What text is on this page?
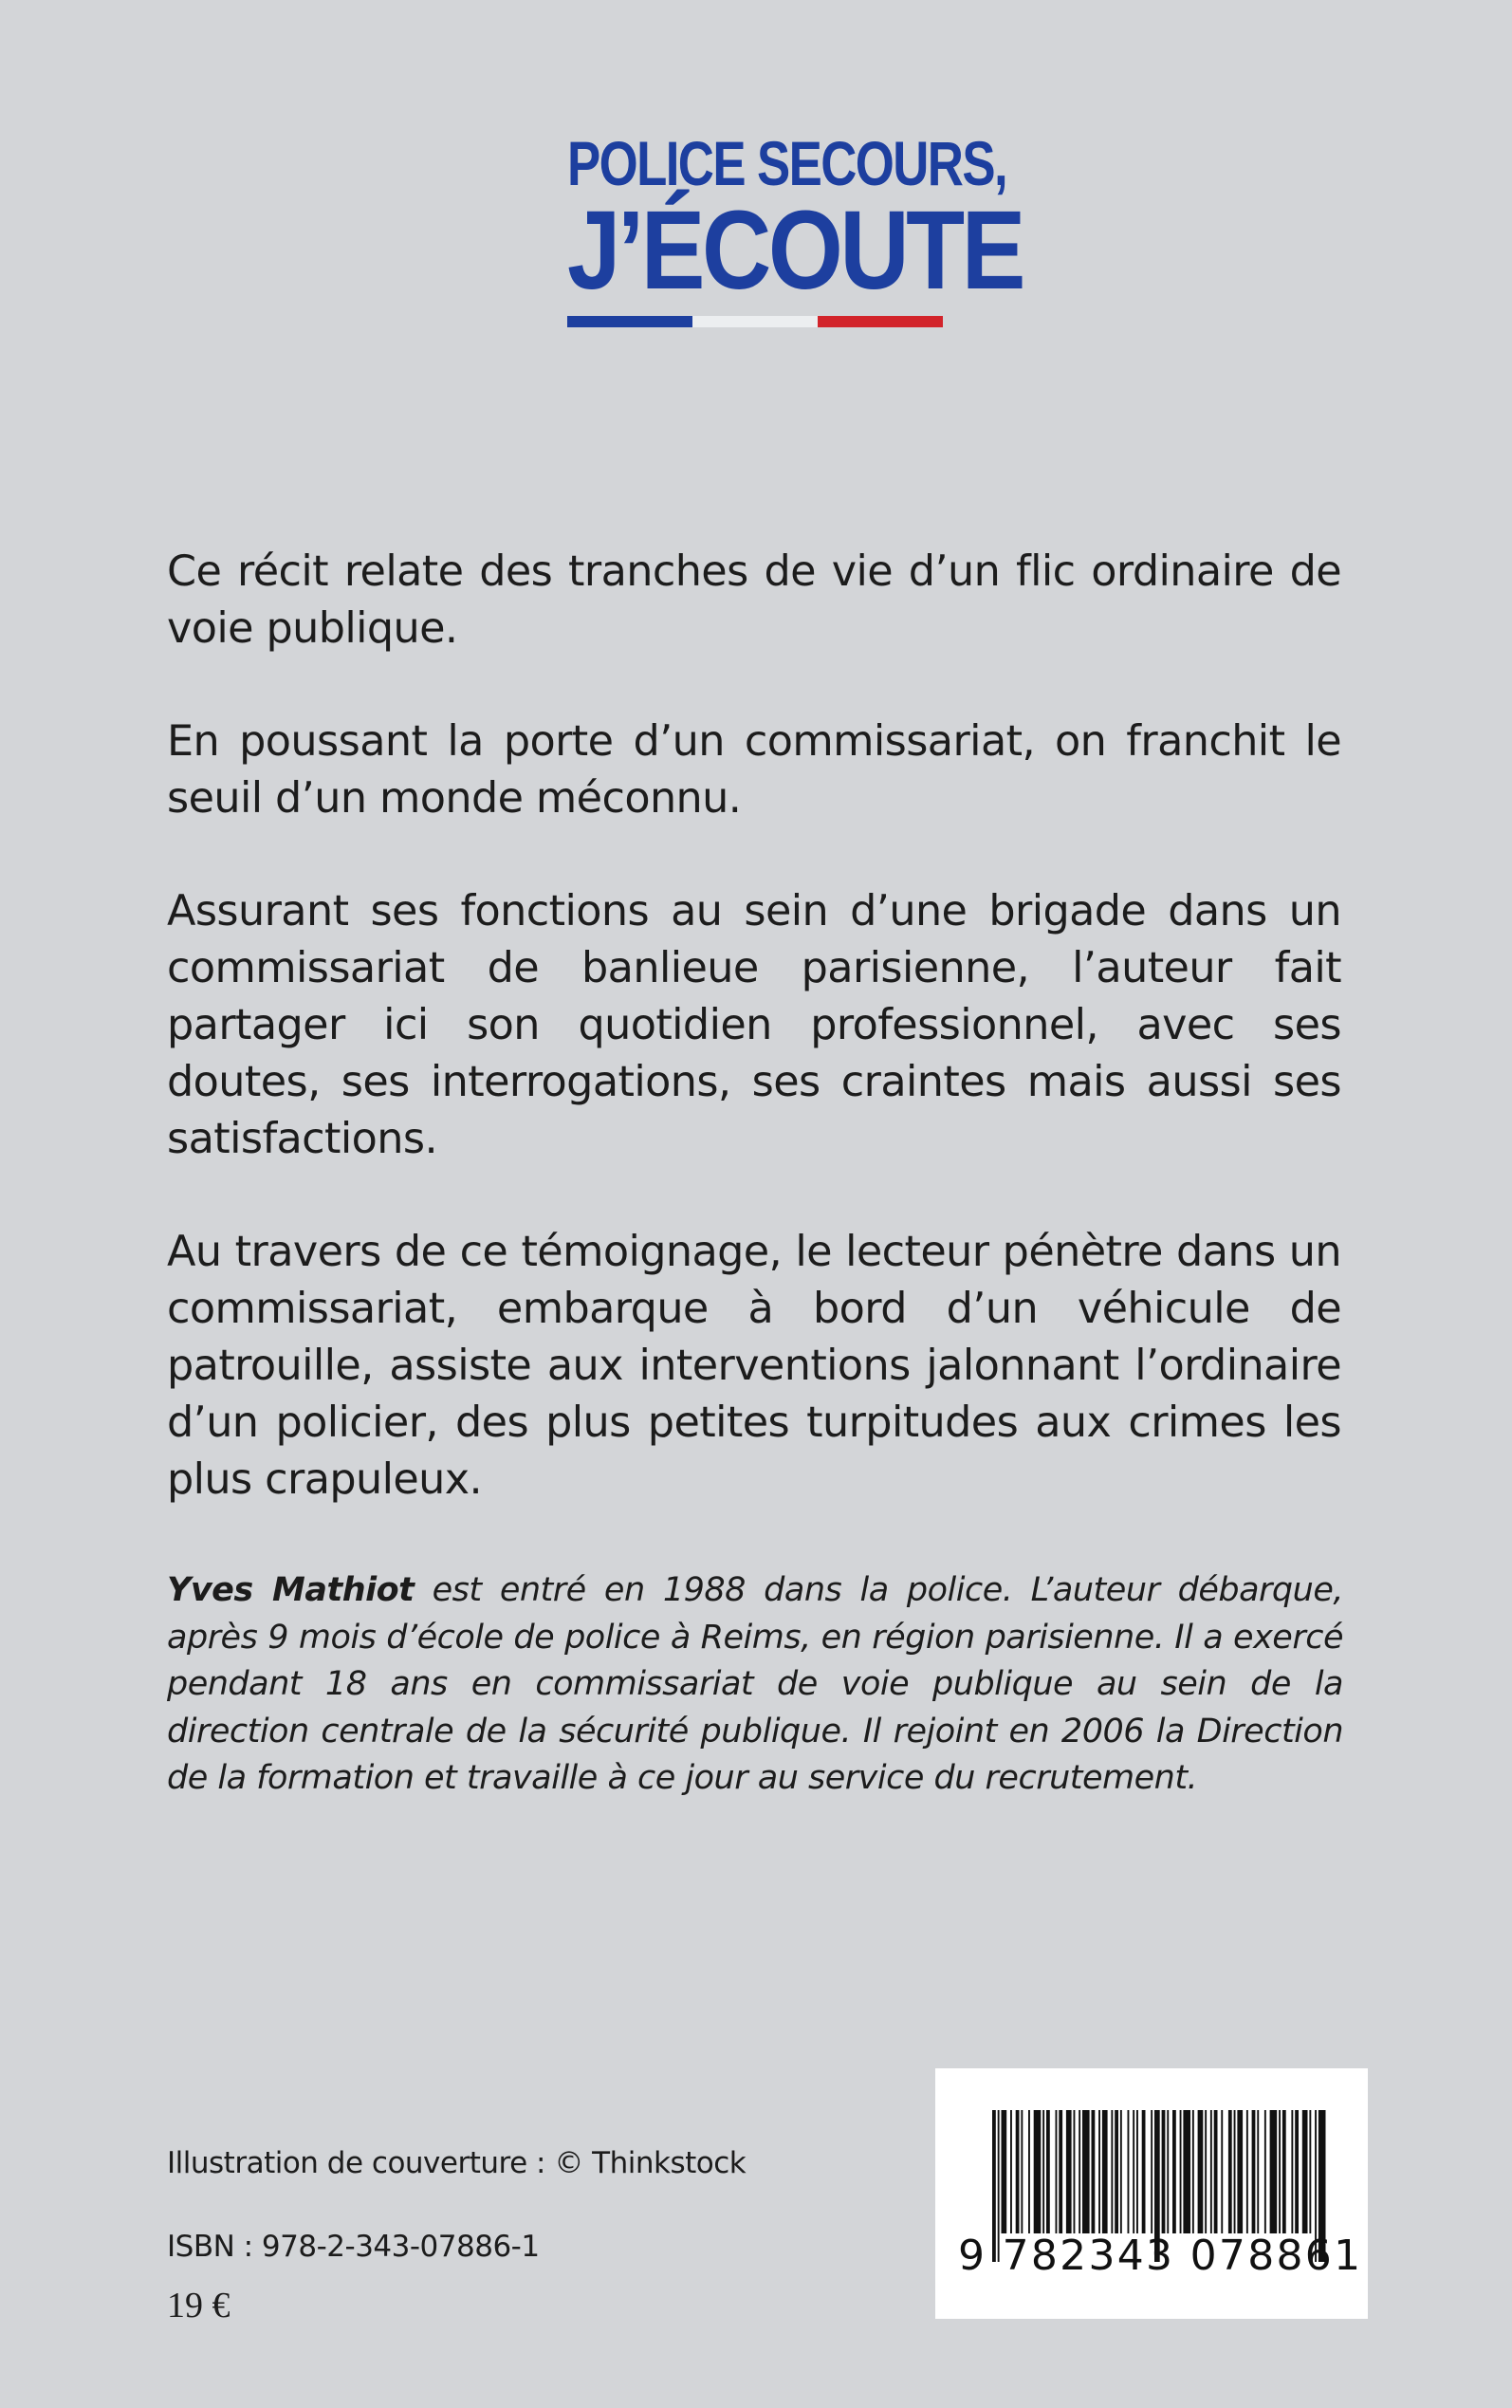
POLICE SECOURS,
J’ÉCOUTE

Ce récit relate des tranches de vie d’un flic ordinaire de voie publique.

En poussant la porte d’un commissariat, on franchit le seuil d’un monde méconnu.

Assurant ses fonctions au sein d’une brigade dans un commissariat de banlieue parisienne, l’auteur fait partager ici son quotidien professionnel, avec ses doutes, ses interrogations, ses craintes mais aussi ses satisfactions.

Au travers de ce témoignage, le lecteur pénètre dans un commissariat, embarque à bord d’un véhicule de patrouille, assiste aux interventions jalonnant l’ordinaire d’un policier, des plus petites turpitudes aux crimes les plus crapuleux.

Yves Mathiot est entré en 1988 dans la police. L’auteur débarque, après 9 mois d’école de police à Reims, en région parisienne. Il a exercé pendant 18 ans en commissariat de voie publique au sein de la direction centrale de la sécurité publique. Il rejoint en 2006 la Direction de la formation et travaille à ce jour au service du recrutement.
Illustration de couverture : © Thinkstock
ISBN : 978-2-343-07886-1
19 €
9 782343 078861
